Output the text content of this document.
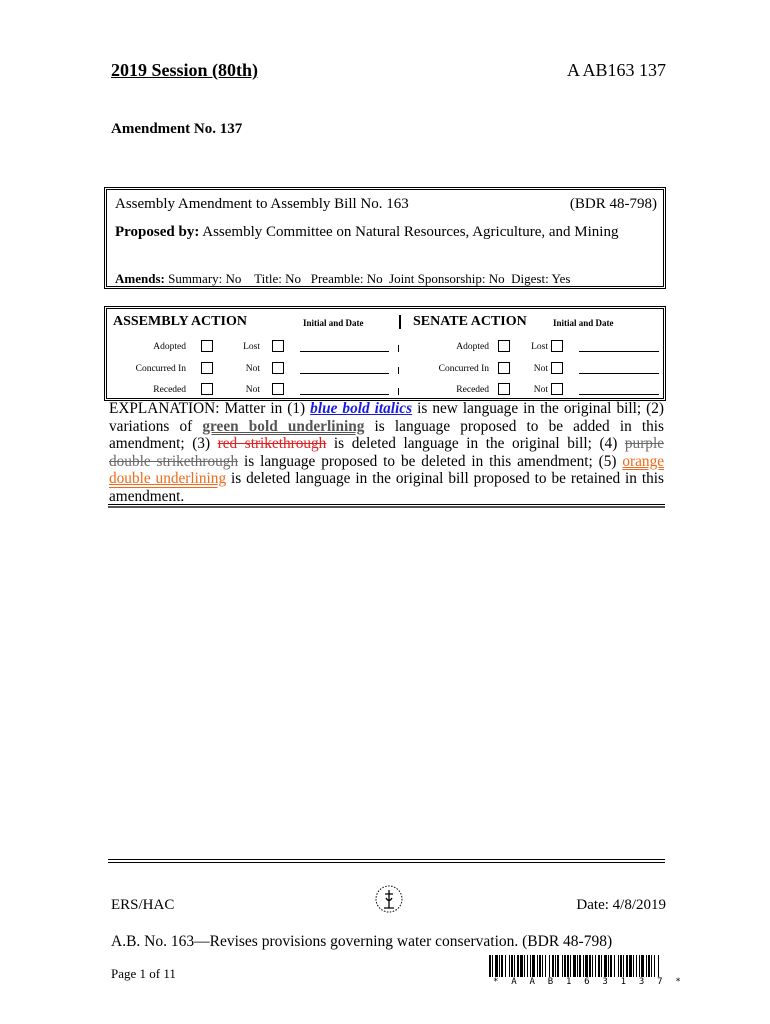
2019 Session (80th)	A AB163 137
Amendment No. 137
Assembly Amendment to Assembly Bill No. 163	(BDR 48-798)
Proposed by: Assembly Committee on Natural Resources, Agriculture, and Mining
Amends: Summary: No    Title: No   Preamble: No  Joint Sponsorship: No  Digest: Yes
ASSEMBLY ACTION	Initial and Date	SENATE ACTION	Initial and Date
Adopted	Lost	Adopted	Lost
Concurred In	Not	Concurred In	Not
Receded	Not	Receded	Not
EXPLANATION: Matter in (1) blue bold italics is new language in the original bill; (2) variations of green bold underlining is language proposed to be added in this amendment; (3) red strikethrough is deleted language in the original bill; (4) purple double strikethrough is language proposed to be deleted in this amendment; (5) orange double underlining is deleted language in the original bill proposed to be retained in this amendment.
ERS/HAC	Date: 4/8/2019
A.B. No. 163—Revises provisions governing water conservation. (BDR 48-798)
Page 1 of 11
* A A B 1 6 3 1 3 7 *
